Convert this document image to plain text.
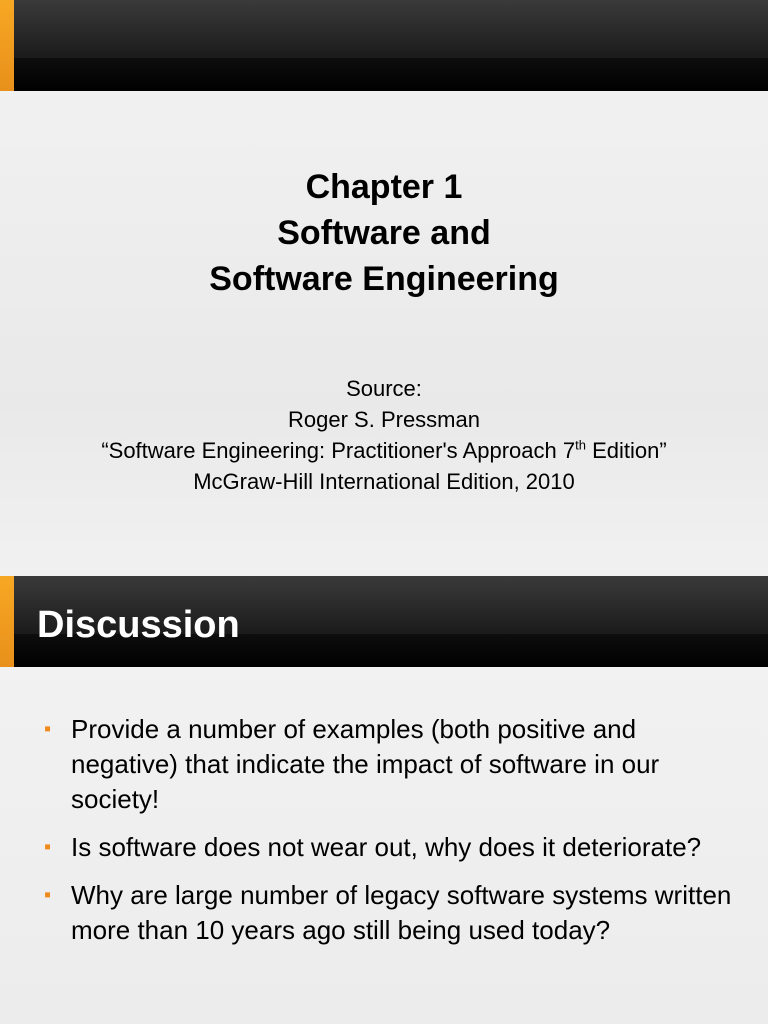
Chapter 1
Software and
Software Engineering
Source:
Roger S. Pressman
“Software Engineering: Practitioner's Approach 7th Edition”
McGraw-Hill International Edition, 2010
Discussion
▪ Provide a number of examples (both positive and negative) that indicate the impact of software in our society!
▪ Is software does not wear out, why does it deteriorate?
▪ Why are large number of legacy software systems written more than 10 years ago still being used today?
